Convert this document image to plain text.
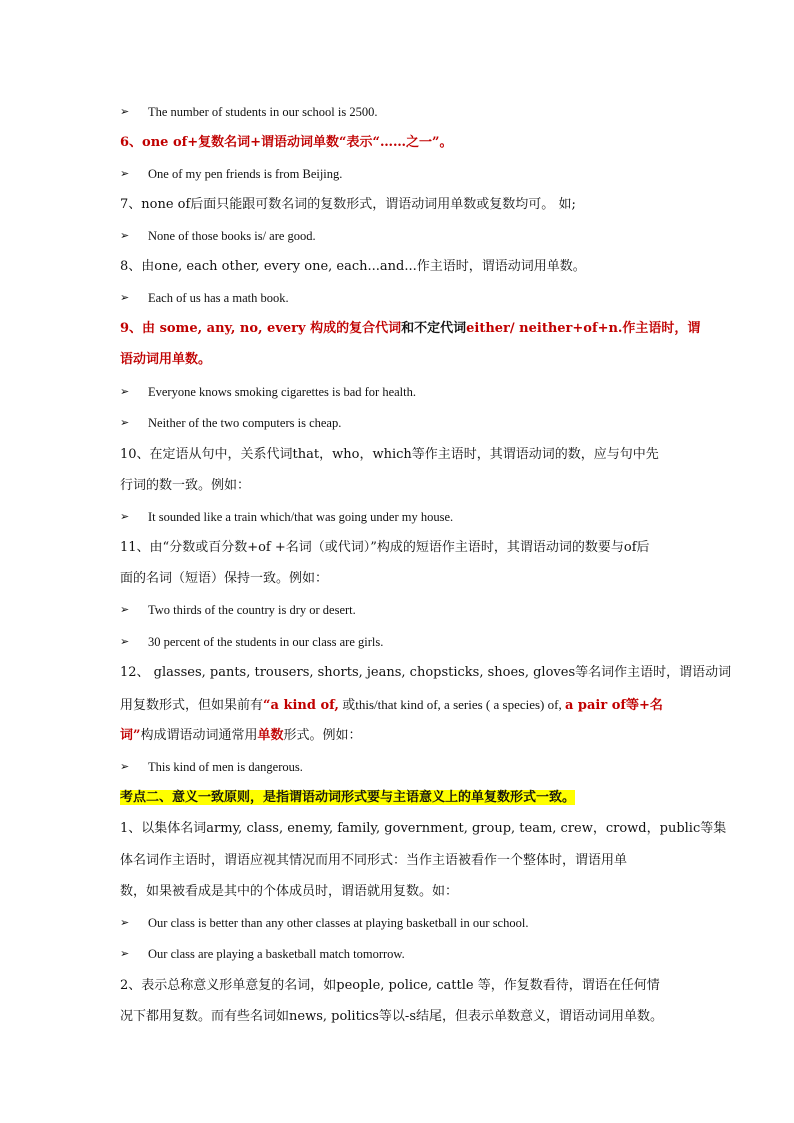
➢	The number of students in our school is 2500.
6、one of+复数名词+谓语动词单数“表示“……之一”。
➢	One of my pen friends is from Beijing.
7、none of后面只能跟可数名词的复数形式，谓语动词用单数或复数均可。 如;
➢	None of those books is/ are good.
8、由one, each other, every one, each...and...作主语时，谓语动词用单数。
➢	Each of us has a math book.
9、由 some, any, no, every 构成的复合代词和不定代词either/ neither+of+n.作主语时，谓
语动词用单数。
➢	Everyone knows smoking cigarettes is bad for health.
➢	Neither of the two computers is cheap.
10、在定语从句中，关系代词that，who，which等作主语时，其谓语动词的数，应与句中先
行词的数一致。例如：
➢	It sounded like a train which/that was going under my house.
11、由“分数或百分数+of +名词（或代词）”构成的短语作主语时，其谓语动词的数要与of后
面的名词（短语）保持一致。例如：
➢	Two thirds of the country is dry or desert.
➢	30 percent of the students in our class are girls.
12、 glasses, pants, trousers, shorts, jeans, chopsticks, shoes, gloves等名词作主语时，谓语动词
用复数形式，但如果前有“a kind of, 或this/that kind of, a series ( a species) of, a pair of等+名
词”构成谓语动词通常用单数形式。例如：
➢	This kind of men is dangerous.
考点二、意义一致原则，是指谓语动词形式要与主语意义上的单复数形式一致。
1、以集体名词army, class, enemy, family, government, group, team, crew，crowd，public等集
体名词作主语时，谓语应视其情况而用不同形式：当作主语被看作一个整体时，谓语用单
数，如果被看成是其中的个体成员时，谓语就用复数。如：
➢	Our class is better than any other classes at playing basketball in our school.
➢	Our class are playing a basketball match tomorrow.
2、表示总称意义形单意复的名词，如people, police, cattle 等，作复数看待，谓语在任何情
况下都用复数。而有些名词如news, politics等以-s结尾，但表示单数意义，谓语动词用单数。
